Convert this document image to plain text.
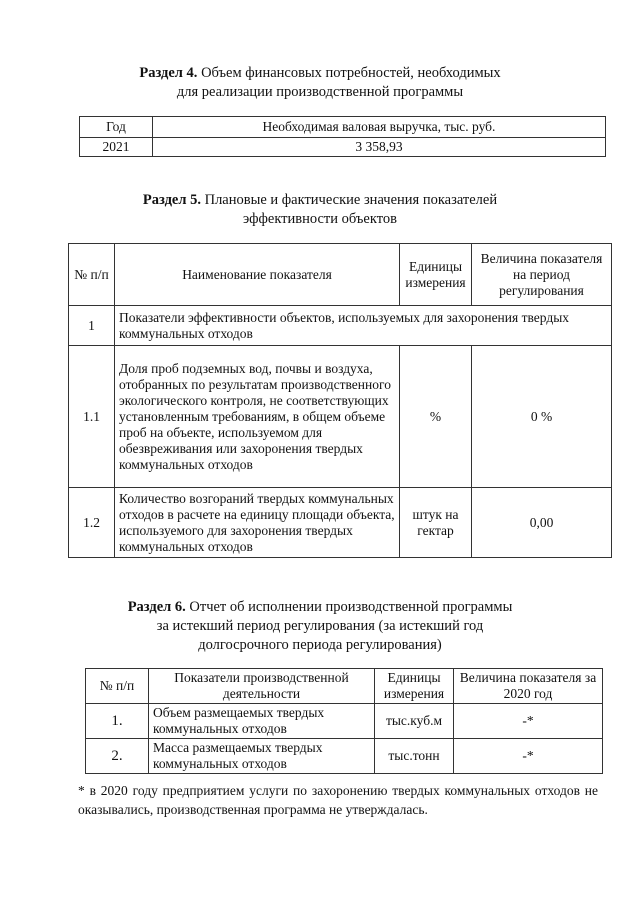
Раздел 4. Объем финансовых потребностей, необходимых
для реализации производственной программы
Год	Необходимая валовая выручка, тыс. руб.
2021	3 358,93
Раздел 5. Плановые и фактические значения показателей
эффективности объектов
№ п/п	Наименование показателя	Единицы измерения	Величина показателя на период регулирования
1	Показатели эффективности объектов, используемых для захоронения твердых коммунальных отходов		
1.1	Доля проб подземных вод, почвы и воздуха, отобранных по результатам производственного экологического контроля, не соответствующих установленным требованиям, в общем объеме проб на объекте, используемом для обезвреживания или захоронения твердых коммунальных отходов	%	0 %
1.2	Количество возгораний твердых коммунальных отходов в расчете на единицу площади объекта, используемого для захоронения твердых коммунальных отходов	штук на гектар	0,00
Раздел 6. Отчет об исполнении производственной программы
за истекший период регулирования (за истекший год
долгосрочного периода регулирования)
№ п/п	Показатели производственной деятельности	Единицы измерения	Величина показателя за 2020 год
1.	Объем размещаемых твердых коммунальных отходов	тыс.куб.м	-*
2.	Масса размещаемых твердых коммунальных отходов	тыс.тонн	-*
* в 2020 году предприятием услуги по захоронению твердых коммунальных отходов не оказывались, производственная программа не утверждалась.
